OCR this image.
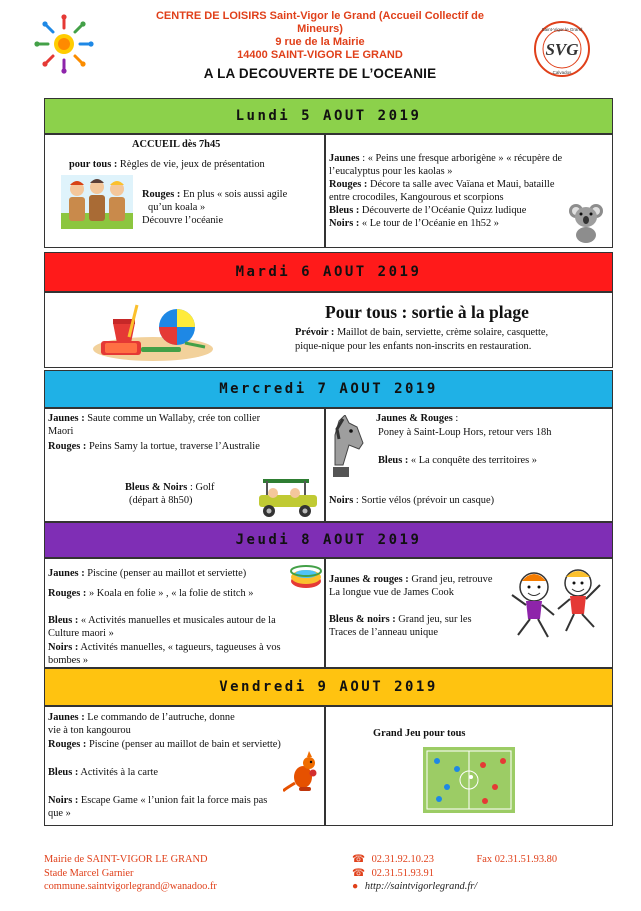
CENTRE DE LOISIRS Saint-Vigor le Grand (Accueil Collectif de
Mineurs)
9 rue de la Mairie
14400 SAINT-VIGOR LE GRAND
A LA DECOUVERTE DE L’OCEANIE
Saint-Vigor le Grand
Calvados
SVG
Lundi 5 AOUT 2019
ACCUEIL dès 7h45
pour tous : Règles de vie, jeux de présentation
Rouges : En plus « sois aussi agile
qu’un koala »
Découvre l’océanie
Jaunes : « Peins une fresque arborigène » « récupère de
l’eucalyptus pour les kaolas »
Rouges : Décore ta salle avec Vaïana et Maui, bataille
entre crocodiles, Kangourous et scorpions
Bleus : Découverte de l’Océanie Quizz ludique
Noirs : « Le tour de l’Océanie en 1h52 »
Mardi 6 AOUT 2019
Pour tous : sortie à la plage
Prévoir : Maillot de bain, serviette, crème solaire, casquette,
pique-nique pour les enfants non-inscrits en restauration.
Mercredi 7 AOUT 2019
Jaunes : Saute comme un Wallaby, crée ton collier
Maori
Rouges : Peins Samy la tortue, traverse l’Australie
Bleus & Noirs : Golf
(départ à 8h50)
Jaunes & Rouges :
Poney à Saint-Loup Hors, retour vers 18h
Bleus : « La conquête des territoires »
Noirs : Sortie vélos (prévoir un casque)
Jeudi 8 AOUT 2019
Jaunes : Piscine (penser au maillot et serviette)
Rouges : » Koala en folie » , « la folie de stitch »
Bleus : « Activités manuelles et musicales autour de la
Culture maori »
Noirs : Activités manuelles, « tagueurs, tagueuses à vos
bombes »
Jaunes & rouges : Grand jeu, retrouve
La longue vue de James Cook
Bleus & noirs : Grand jeu, sur les
Traces de l’anneau unique
Vendredi 9 AOUT 2019
Jaunes : Le commando de l’autruche, donne
vie à ton kangourou
Rouges : Piscine (penser au maillot de bain et serviette)
Bleus : Activités à la carte
Noirs : Escape Game « l’union fait la force mais pas
que »
Grand Jeu pour tous
Mairie de SAINT-VIGOR LE GRAND
Stade Marcel Garnier
commune.saintvigorlegrand@wanadoo.fr
☎ 02.31.92.10.23	Fax 02.31.51.93.80
☎ 02.31.51.93.91
● http://saintvigorlegrand.fr/
